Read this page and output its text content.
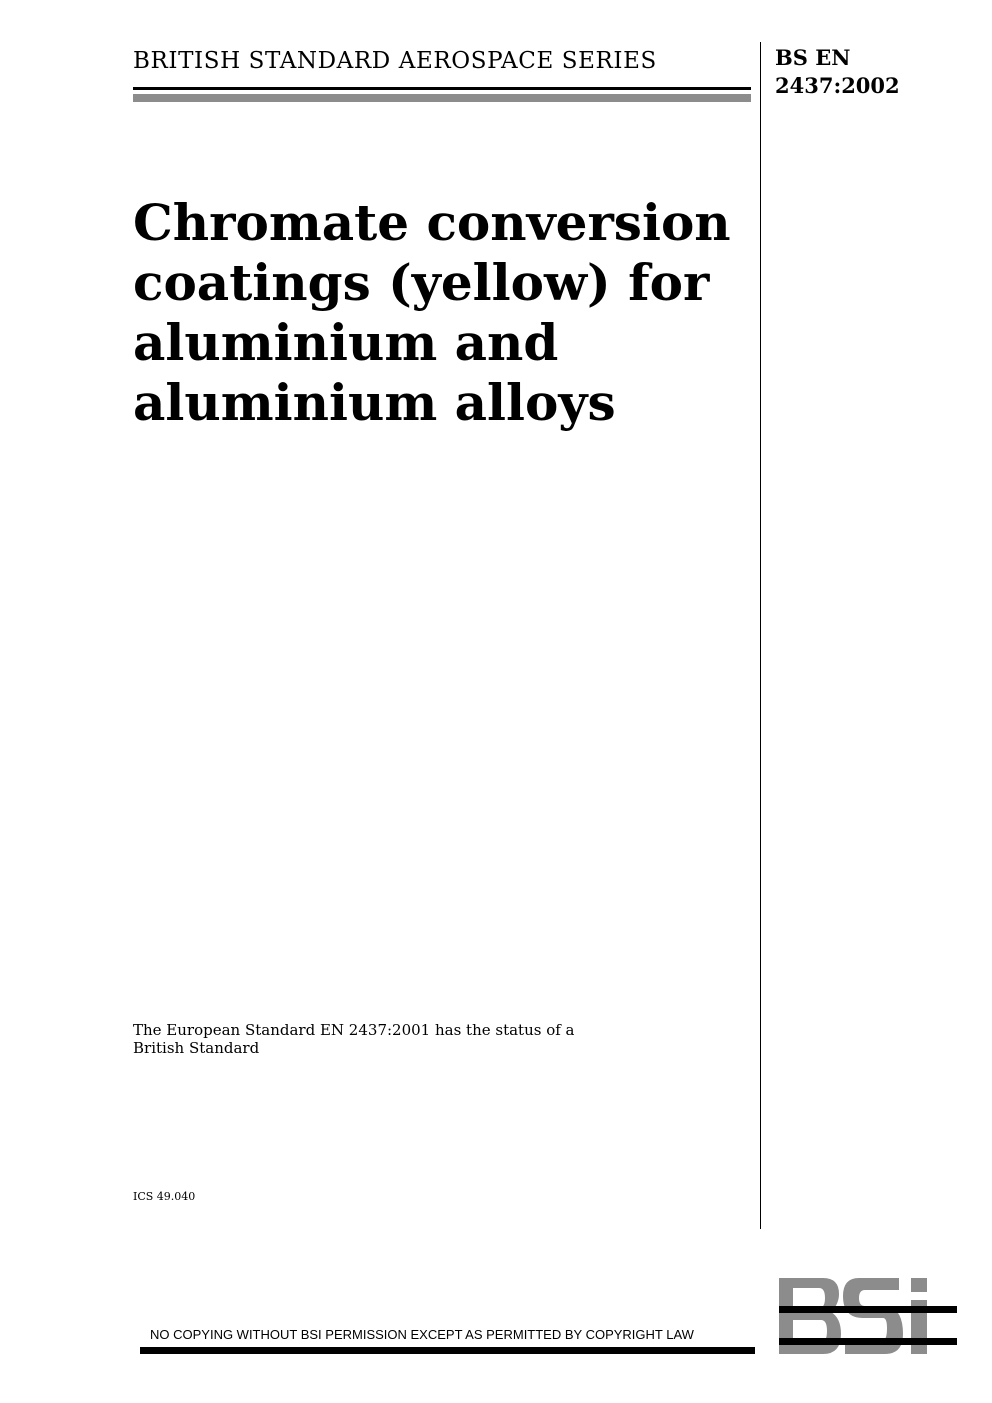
BRITISH STANDARD AEROSPACE SERIES	BS EN
2437:2002
Chromate conversion
coatings (yellow) for
aluminium and
aluminium alloys
The European Standard EN 2437:2001 has the status of a
British Standard
ICS 49.040
NO COPYING WITHOUT BSI PERMISSION EXCEPT AS PERMITTED BY COPYRIGHT LAW
